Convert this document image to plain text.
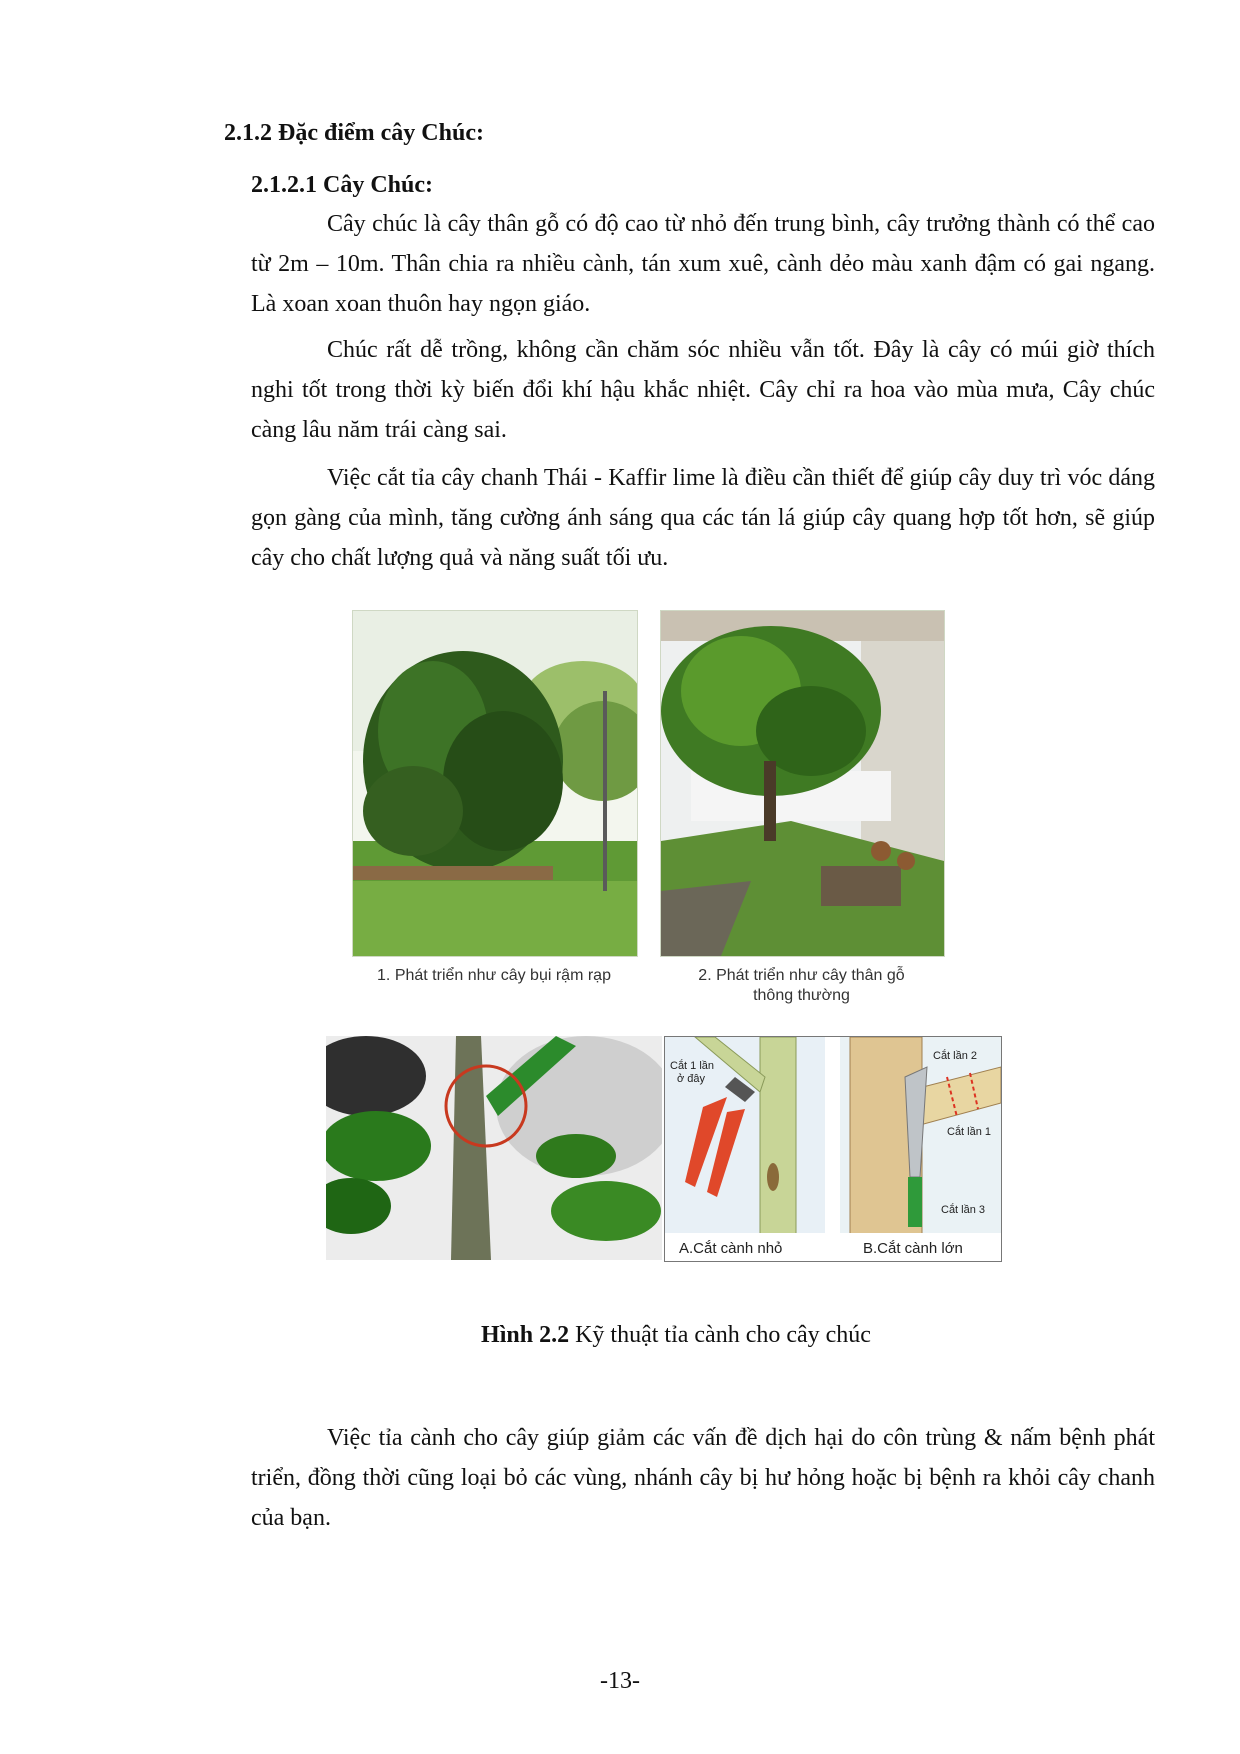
2.1.2 Đặc điểm cây Chúc:
2.1.2.1 Cây Chúc:

Cây chúc là cây thân gỗ có độ cao từ nhỏ đến trung bình, cây trưởng thành có thể cao từ 2m – 10m. Thân chia ra nhiều cành, tán xum xuê, cành dẻo màu xanh đậm có gai ngang. Là xoan xoan thuôn hay ngọn giáo.

Chúc rất dễ trồng, không cần chăm sóc nhiều vẫn tốt. Đây là cây có múi giờ thích nghi tốt trong thời kỳ biến đổi khí hậu khắc nhiệt. Cây chỉ ra hoa vào mùa mưa, Cây chúc càng lâu năm trái càng sai.

Việc cắt tỉa cây chanh Thái - Kaffir lime là điều cần thiết để giúp cây duy trì vóc dáng gọn gàng của mình, tăng cường ánh sáng qua các tán lá giúp cây quang hợp tốt hơn, sẽ giúp cây cho chất lượng quả và năng suất tối ưu.

1. Phát triển như cây bụi rậm rạp	2. Phát triển như cây thân gỗ
thông thường
Cắt 1 lần
ở đây
Cắt lần 2
Cắt lần 1
Cắt lần 3
A.Cắt cành nhỏ	B.Cắt cành lớn
Hình 2.2 Kỹ thuật tỉa cành cho cây chúc

Việc tỉa cành cho cây giúp giảm các vấn đề dịch hại do côn trùng & nấm bệnh phát triển, đồng thời cũng loại bỏ các vùng, nhánh cây bị hư hỏng hoặc bị bệnh ra khỏi cây chanh của bạn.

-13-
